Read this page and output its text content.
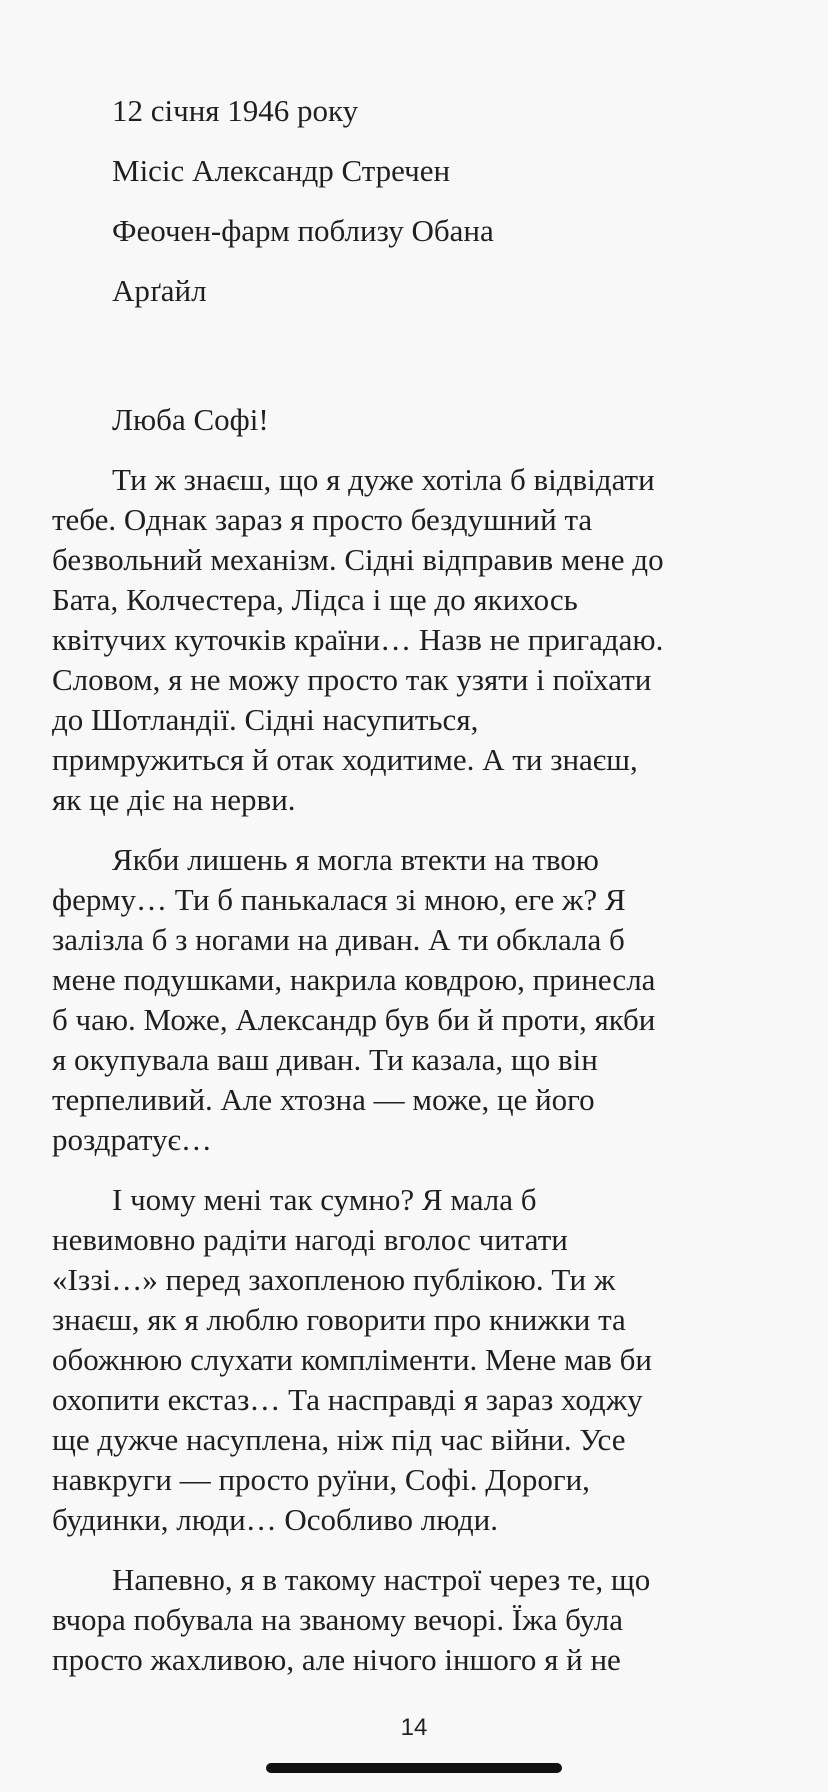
12 січня 1946 року
Місіс Александр Стречен
Феочен-фарм поблизу Обана
Арґайл
Люба Софі!

Ти ж знаєш, що я дуже хотіла б відвідати
тебе. Однак зараз я просто бездушний та
безвольний механізм. Сідні відправив мене до
Бата, Колчестера, Лідса і ще до якихось
квітучих куточків країни… Назв не пригадаю.
Словом, я не можу просто так узяти і поїхати
до Шотландії. Сідні насупиться,
примружиться й отак ходитиме. А ти знаєш,
як це діє на нерви.

Якби лишень я могла втекти на твою
ферму… Ти б панькалася зі мною, еге ж? Я
залізла б з ногами на диван. А ти обклала б
мене подушками, накрила ковдрою, принесла
б чаю. Може, Александр був би й проти, якби
я окупувала ваш диван. Ти казала, що він
терпеливий. Але хтозна — може, це його
роздратує…

І чому мені так сумно? Я мала б
невимовно радіти нагоді вголос читати
«Іззі…» перед захопленою публікою. Ти ж
знаєш, як я люблю говорити про книжки та
обожнюю слухати компліменти. Мене мав би
охопити екстаз… Та насправді я зараз ходжу
ще дужче насуплена, ніж під час війни. Усе
навкруги — просто руїни, Софі. Дороги,
будинки, люди… Особливо люди.

Напевно, я в такому настрої через те, що
вчора побувала на званому вечорі. Їжа була
просто жахливою, але нічого іншого я й не

14
